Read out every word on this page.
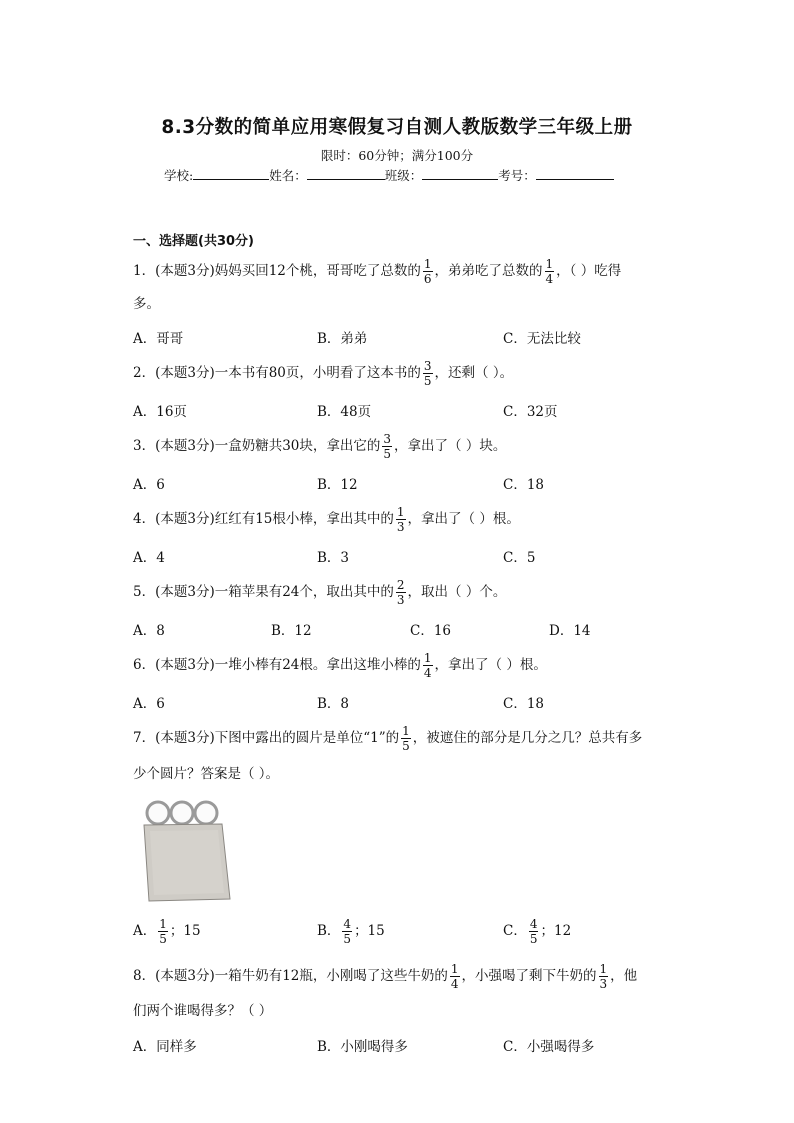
8.3分数的简单应用寒假复习自测人教版数学三年级上册
限时：60分钟；满分100分
学校:	姓名：	班级：	考号：
一、选择题(共30分)
1．(本题3分)妈妈买回12个桃，哥哥吃了总数的 $\frac{1}{6}$ ，弟弟吃了总数的 $\frac{1}{4}$ ，（ ）吃得
多。
A．哥哥	B．弟弟	C．无法比较
2．(本题3分)一本书有80页，小明看了这本书的 $\frac{3}{5}$ ，还剩（ ）。
A．16页	B．48页	C．32页
3．(本题3分)一盒奶糖共30块，拿出它的 $\frac{3}{5}$ ，拿出了（ ）块。
A．6	B．12	C．18
4．(本题3分)红红有15根小棒，拿出其中的 $\frac{1}{3}$ ，拿出了（ ）根。
A．4	B．3	C．5
5．(本题3分)一箱苹果有24个，取出其中的 $\frac{2}{3}$ ，取出（ ）个。
A．8	B．12	C．16	D．14
6．(本题3分)一堆小棒有24根。拿出这堆小棒的 $\frac{1}{4}$ ，拿出了（ ）根。
A．6	B．8	C．18
7．(本题3分)下图中露出的圆片是单位“1”的 $\frac{1}{5}$ ，被遮住的部分是几分之几？总共有多
少个圆片？答案是（ ）。
A． $\frac{1}{5}$ ；15	B． $\frac{4}{5}$ ；15	C． $\frac{4}{5}$ ；12
8．(本题3分)一箱牛奶有12瓶，小刚喝了这些牛奶的 $\frac{1}{4}$ ，小强喝了剩下牛奶的 $\frac{1}{3}$ ，他
们两个谁喝得多？（ ）
A．同样多	B．小刚喝得多	C．小强喝得多
